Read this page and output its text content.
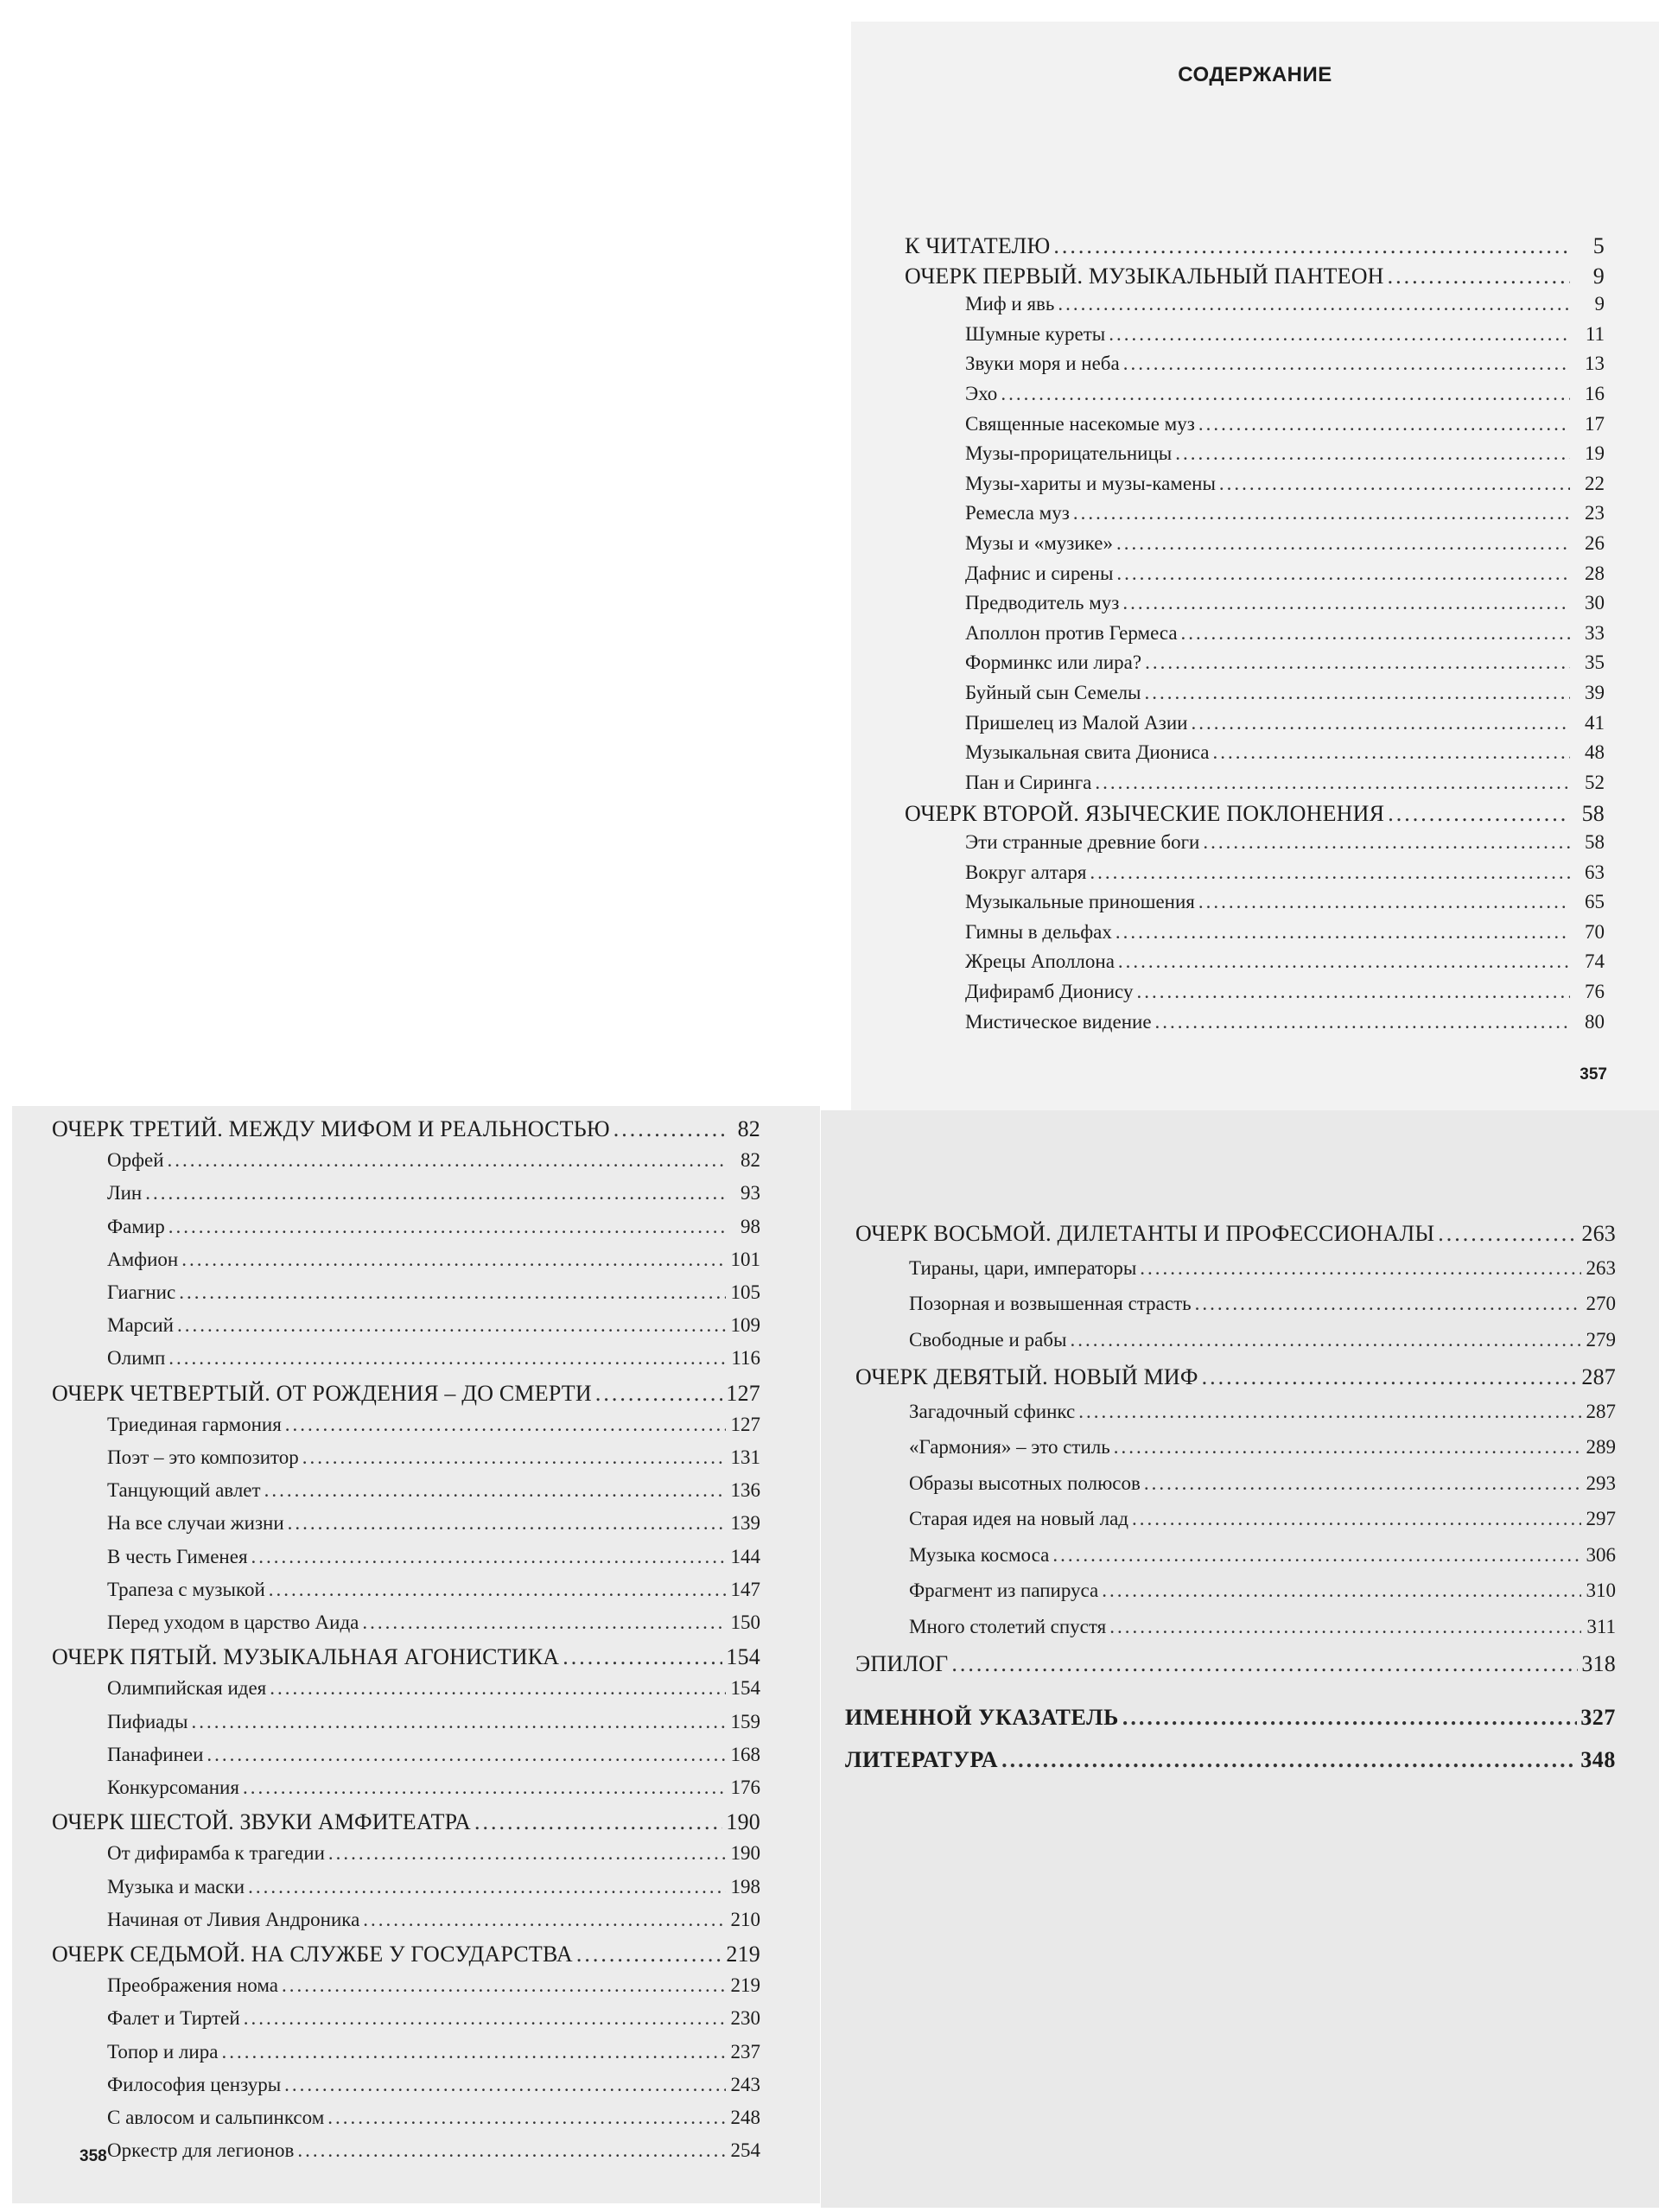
СОДЕРЖАНИЕ
К ЧИТАТЕЛЮ .....	5
ОЧЕРК ПЕРВЫЙ. МУЗЫКАЛЬНЫЙ ПАНТЕОН .....	9
Миф и явь .....	9
Шумные куреты .....	11
Звуки моря и неба .....	13
Эхо .....	16
Священные насекомые муз .....	17
Музы-прорицательницы .....	19
Музы-хариты и музы-камены .....	22
Ремесла муз .....	23
Музы и «музике» .....	26
Дафнис и сирены .....	28
Предводитель муз .....	30
Аполлон против Гермеса .....	33
Форминкс или лира? .....	35
Буйный сын Семелы .....	39
Пришелец из Малой Азии .....	41
Музыкальная свита Диониса .....	48
Пан и Сиринга .....	52
ОЧЕРК ВТОРОЙ. ЯЗЫЧЕСКИЕ ПОКЛОНЕНИЯ .....	58
Эти странные древние боги .....	58
Вокруг алтаря .....	63
Музыкальные приношения .....	65
Гимны в дельфах .....	70
Жрецы Аполлона .....	74
Дифирамб Дионису .....	76
Мистическое видение .....	80
357
ОЧЕРК ТРЕТИЙ. МЕЖДУ МИФОМ И РЕАЛЬНОСТЬЮ .....	82
Орфей .....	82
Лин .....	93
Фамир .....	98
Амфион .....	101
Гиагнис .....	105
Марсий .....	109
Олимп .....	116
ОЧЕРК ЧЕТВЕРТЫЙ. ОТ РОЖДЕНИЯ – ДО СМЕРТИ .....	127
Триединая гармония .....	127
Поэт – это композитор .....	131
Танцующий авлет .....	136
На все случаи жизни .....	139
В честь Гименея .....	144
Трапеза с музыкой .....	147
Перед уходом в царство Аида .....	150
ОЧЕРК ПЯТЫЙ. МУЗЫКАЛЬНАЯ АГОНИСТИКА .....	154
Олимпийская идея .....	154
Пифиады .....	159
Панафинеи .....	168
Конкурсомания .....	176
ОЧЕРК ШЕСТОЙ. ЗВУКИ АМФИТЕАТРА .....	190
От дифирамба к трагедии .....	190
Музыка и маски .....	198
Начиная от Ливия Андроника .....	210
ОЧЕРК СЕДЬМОЙ. НА СЛУЖБЕ У ГОСУДАРСТВА .....	219
Преображения нома .....	219
Фалет и Тиртей .....	230
Топор и лира .....	237
Философия цензуры .....	243
С авлосом и сальпинксом .....	248
Оркестр для легионов .....	254
358
ОЧЕРК ВОСЬМОЙ. ДИЛЕТАНТЫ И ПРОФЕССИОНАЛЫ .....	263
Тираны, цари, императоры .....	263
Позорная и возвышенная страсть .....	270
Свободные и рабы .....	279
ОЧЕРК ДЕВЯТЫЙ. НОВЫЙ МИФ .....	287
Загадочный сфинкс .....	287
«Гармония» – это стиль .....	289
Образы высотных полюсов .....	293
Старая идея на новый лад .....	297
Музыка космоса .....	306
Фрагмент из папируса .....	310
Много столетий спустя .....	311
ЭПИЛОГ .....	318
ИМЕННОЙ УКАЗАТЕЛЬ .....	327
ЛИТЕРАТУРА .....	348
